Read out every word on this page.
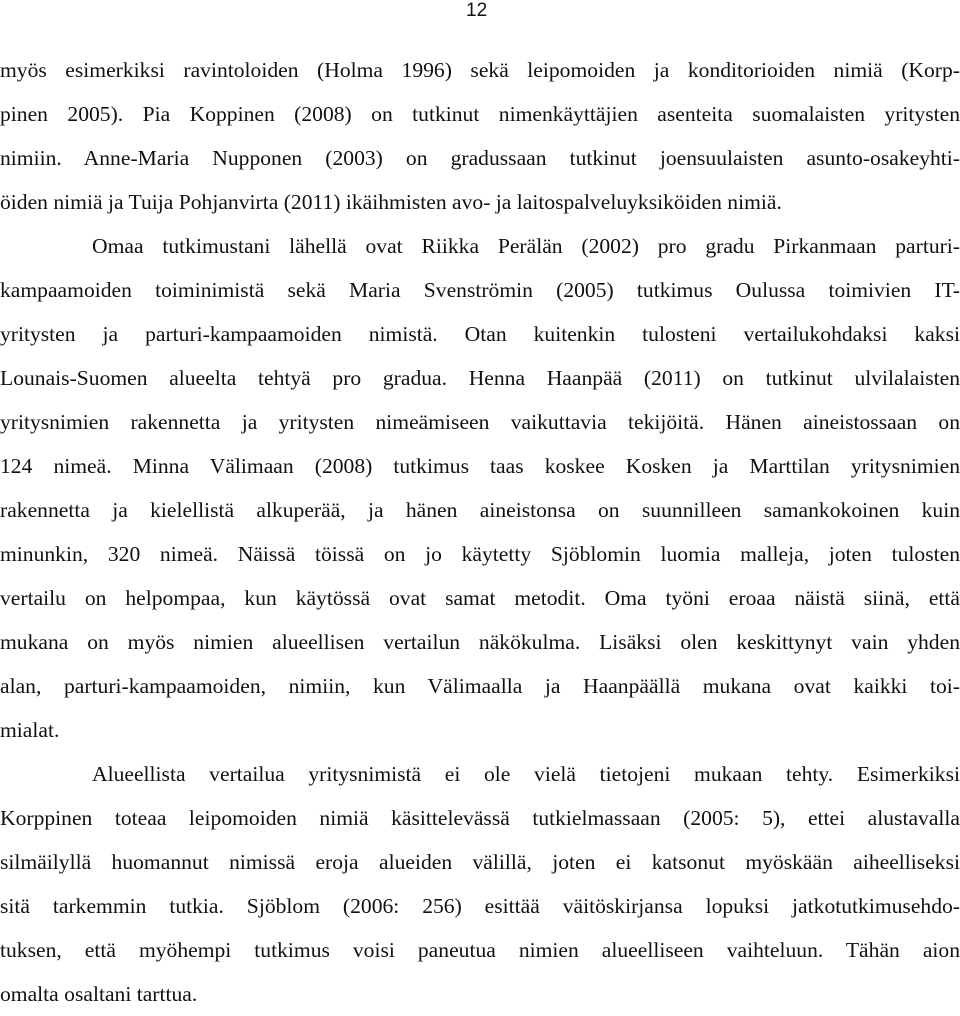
12
myös esimerkiksi ravintoloiden (Holma 1996) sekä leipomoiden ja konditorioiden nimiä (Korp-
pinen 2005). Pia Koppinen (2008) on tutkinut nimenkäyttäjien asenteita suomalaisten yritysten
nimiin. Anne-Maria Nupponen (2003) on gradussaan tutkinut joensuulaisten asunto-osakeyhti-
öiden nimiä ja Tuija Pohjanvirta (2011) ikäihmisten avo- ja laitospalveluyksiköiden nimiä.
Omaa tutkimustani lähellä ovat Riikka Perälän (2002) pro gradu Pirkanmaan parturi-
kampaamoiden toiminimistä sekä Maria Svenströmin (2005) tutkimus Oulussa toimivien IT-
yritysten ja parturi-kampaamoiden nimistä. Otan kuitenkin tulosteni vertailukohdaksi kaksi
Lounais-Suomen alueelta tehtyä pro gradua. Henna Haanpää (2011) on tutkinut ulvilalaisten
yritysnimien rakennetta ja yritysten nimeämiseen vaikuttavia tekijöitä. Hänen aineistossaan on
124 nimeä. Minna Välimaan (2008) tutkimus taas koskee Kosken ja Marttilan yritysnimien
rakennetta ja kielellistä alkuperää, ja hänen aineistonsa on suunnilleen samankokoinen kuin
minunkin, 320 nimeä. Näissä töissä on jo käytetty Sjöblomin luomia malleja, joten tulosten
vertailu on helpompaa, kun käytössä ovat samat metodit. Oma työni eroaa näistä siinä, että
mukana on myös nimien alueellisen vertailun näkökulma. Lisäksi olen keskittynyt vain yhden
alan, parturi-kampaamoiden, nimiin, kun Välimaalla ja Haanpäällä mukana ovat kaikki toi-
mialat.
Alueellista vertailua yritysnimistä ei ole vielä tietojeni mukaan tehty. Esimerkiksi
Korppinen toteaa leipomoiden nimiä käsittelevässä tutkielmassaan (2005: 5), ettei alustavalla
silmäilyllä huomannut nimissä eroja alueiden välillä, joten ei katsonut myöskään aiheelliseksi
sitä tarkemmin tutkia. Sjöblom (2006: 256) esittää väitöskirjansa lopuksi jatkotutkimusehdo-
tuksen, että myöhempi tutkimus voisi paneutua nimien alueelliseen vaihteluun. Tähän aion
omalta osaltani tarttua.
